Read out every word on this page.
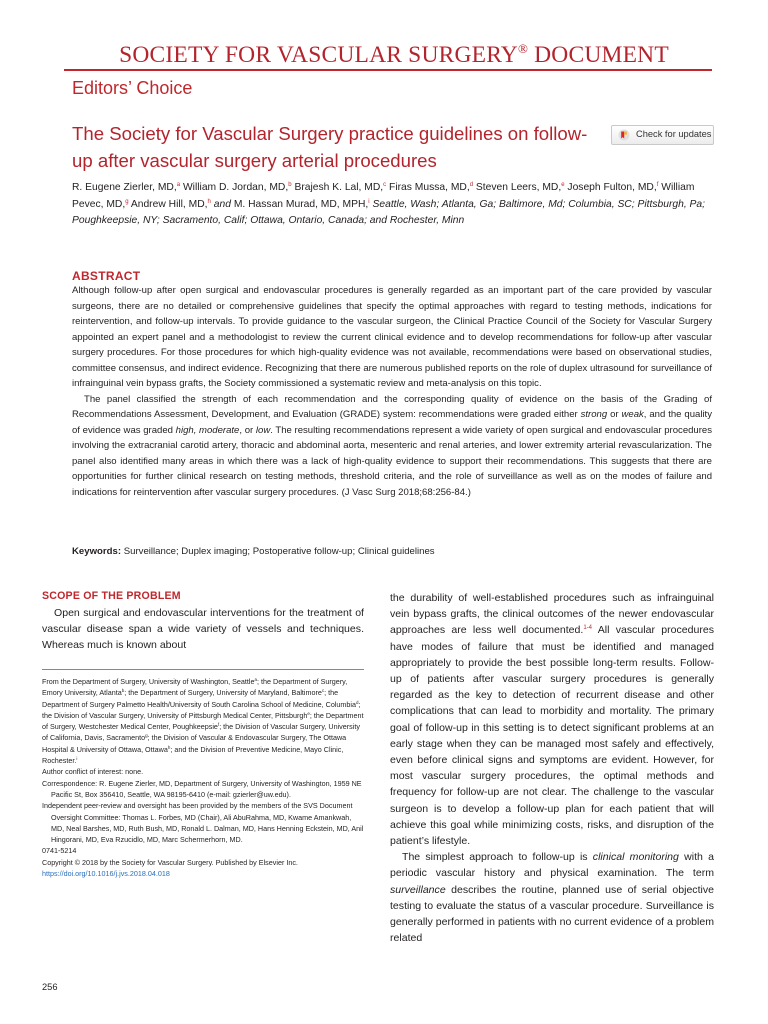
SOCIETY FOR VASCULAR SURGERY® DOCUMENT
Editors’ Choice
The Society for Vascular Surgery practice guidelines on follow-up after vascular surgery arterial procedures
Check for updates
R. Eugene Zierler, MD,$^a$ William D. Jordan, MD,$^b$ Brajesh K. Lal, MD,$^c$ Firas Mussa, MD,$^d$ Steven Leers, MD,$^e$ Joseph Fulton, MD,$^f$ William Pevec, MD,$^g$ Andrew Hill, MD,$^h$ and M. Hassan Murad, MD, MPH,$^i$ Seattle, Wash; Atlanta, Ga; Baltimore, Md; Columbia, SC; Pittsburgh, Pa; Poughkeepsie, NY; Sacramento, Calif; Ottawa, Ontario, Canada; and Rochester, Minn
ABSTRACT

Although follow-up after open surgical and endovascular procedures is generally regarded as an important part of the care provided by vascular surgeons, there are no detailed or comprehensive guidelines that specify the optimal approaches with regard to testing methods, indications for reintervention, and follow-up intervals. To provide guidance to the vascular surgeon, the Clinical Practice Council of the Society for Vascular Surgery appointed an expert panel and a methodologist to review the current clinical evidence and to develop recommendations for follow-up after vascular surgery procedures. For those procedures for which high-quality evidence was not available, recommendations were based on observational studies, committee consensus, and indirect evidence. Recognizing that there are numerous published reports on the role of duplex ultrasound for surveillance of infrainguinal vein bypass grafts, the Society commissioned a systematic review and meta-analysis on this topic.

The panel classified the strength of each recommendation and the corresponding quality of evidence on the basis of the Grading of Recommendations Assessment, Development, and Evaluation (GRADE) system: recommendations were graded either strong or weak, and the quality of evidence was graded high, moderate, or low. The resulting recommendations represent a wide variety of open surgical and endovascular procedures involving the extracranial carotid artery, thoracic and abdominal aorta, mesenteric and renal arteries, and lower extremity arterial revascularization. The panel also identified many areas in which there was a lack of high-quality evidence to support their recommendations. This suggests that there are opportunities for further clinical research on testing methods, threshold criteria, and the role of surveillance as well as on the modes of failure and indications for reintervention after vascular surgery procedures. (J Vasc Surg 2018;68:256-84.)

Keywords: Surveillance; Duplex imaging; Postoperative follow-up; Clinical guidelines
SCOPE OF THE PROBLEM

Open surgical and endovascular interventions for the treatment of vascular disease span a wide variety of vessels and techniques. Whereas much is known about

From the Department of Surgery, University of Washington, Seattle$^a$; the Department of Surgery, Emory University, Atlanta$^b$; the Department of Surgery, University of Maryland, Baltimore$^c$; the Department of Surgery Palmetto Health/University of South Carolina School of Medicine, Columbia$^d$; the Division of Vascular Surgery, University of Pittsburgh Medical Center, Pittsburgh$^e$; the Department of Surgery, Westchester Medical Center, Poughkeepsie$^f$; the Division of Vascular Surgery, University of California, Davis, Sacramento$^g$; the Division of Vascular & Endovascular Surgery, The Ottawa Hospital & University of Ottawa, Ottawa$^h$; and the Division of Preventive Medicine, Mayo Clinic, Rochester.$^i$

Author conflict of interest: none.

Correspondence: R. Eugene Zierler, MD, Department of Surgery, University of Washington, 1959 NE Pacific St, Box 356410, Seattle, WA 98195-6410 (e-mail: gzierler@uw.edu).

Independent peer-review and oversight has been provided by the members of the SVS Document Oversight Committee: Thomas L. Forbes, MD (Chair), Ali AbuRahma, MD, Kwame Amankwah, MD, Neal Barshes, MD, Ruth Bush, MD, Ronald L. Dalman, MD, Hans Henning Eckstein, MD, Anil Hingorani, MD, Eva Rzucidlo, MD, Marc Schermerhorn, MD.

0741-5214

Copyright © 2018 by the Society for Vascular Surgery. Published by Elsevier Inc.

https://doi.org/10.1016/j.jvs.2018.04.018

the durability of well-established procedures such as infrainguinal vein bypass grafts, the clinical outcomes of the newer endovascular approaches are less well documented.$^{1-4}$ All vascular procedures have modes of failure that must be identified and managed appropriately to provide the best possible long-term results. Follow-up of patients after vascular surgery procedures is generally regarded as the key to detection of recurrent disease and other complications that can lead to morbidity and mortality. The primary goal of follow-up in this setting is to detect significant problems at an early stage when they can be managed most safely and effectively, even before clinical signs and symptoms are evident. However, for most vascular surgery procedures, the optimal methods and frequency for follow-up are not clear. The challenge to the vascular surgeon is to develop a follow-up plan for each patient that will achieve this goal while minimizing costs, risks, and disruption of the patient’s lifestyle.

The simplest approach to follow-up is clinical monitoring with a periodic vascular history and physical examination. The term surveillance describes the routine, planned use of serial objective testing to evaluate the status of a vascular procedure. Surveillance is generally performed in patients with no current evidence of a problem related

256
